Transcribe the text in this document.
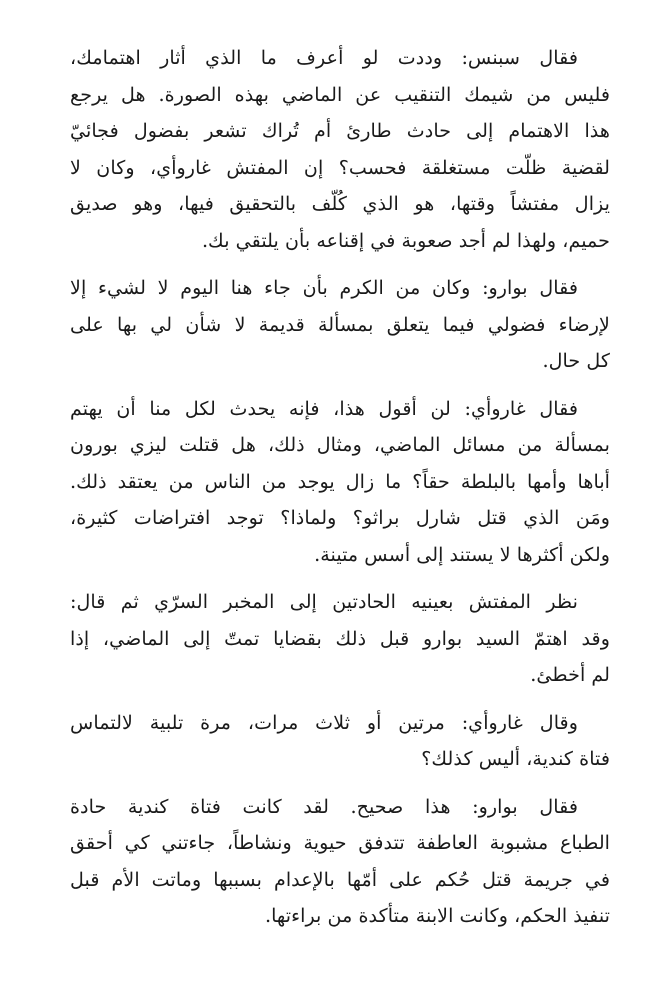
فقال سبنس: وددت لو أعرف ما الذي أثار اهتمامك،
فليس من شيمك التنقيب عن الماضي بهذه الصورة. هل يرجع
هذا الاهتمام إلى حادث طارئ أم تُراك تشعر بفضول فجائيّ
لقضية ظلّت مستغلقة فحسب؟ إن المفتش غاروأي، وكان لا
يزال مفتشاً وقتها، هو الذي كُلّف بالتحقيق فيها، وهو صديق
حميم، ولهذا لم أجد صعوبة في إقناعه بأن يلتقي بك.
فقال بوارو: وكان من الكرم بأن جاء هنا اليوم لا لشيء إلا
لإرضاء فضولي فيما يتعلق بمسألة قديمة لا شأن لي بها على
كل حال.
فقال غاروأي: لن أقول هذا، فإنه يحدث لكل منا أن يهتم
بمسألة من مسائل الماضي، ومثال ذلك، هل قتلت ليزي بورون
أباها وأمها بالبلطة حقاً؟ ما زال يوجد من الناس من يعتقد ذلك.
ومَن الذي قتل شارل براثو؟ ولماذا؟ توجد افتراضات كثيرة،
ولكن أكثرها لا يستند إلى أسس متينة.
نظر المفتش بعينيه الحادتين إلى المخبر السرّي ثم قال:
وقد اهتمّ السيد بوارو قبل ذلك بقضايا تمتّ إلى الماضي، إذا
لم أخطئ.
وقال غاروأي: مرتين أو ثلاث مرات، مرة تلبية لالتماس
فتاة كندية، أليس كذلك؟
فقال بوارو: هذا صحيح. لقد كانت فتاة كندية حادة
الطباع مشبوبة العاطفة تتدفق حيوية ونشاطاً، جاءتني كي أحقق
في جريمة قتل حُكم على أمّها بالإعدام بسببها وماتت الأم قبل
تنفيذ الحكم، وكانت الابنة متأكدة من براءتها.
